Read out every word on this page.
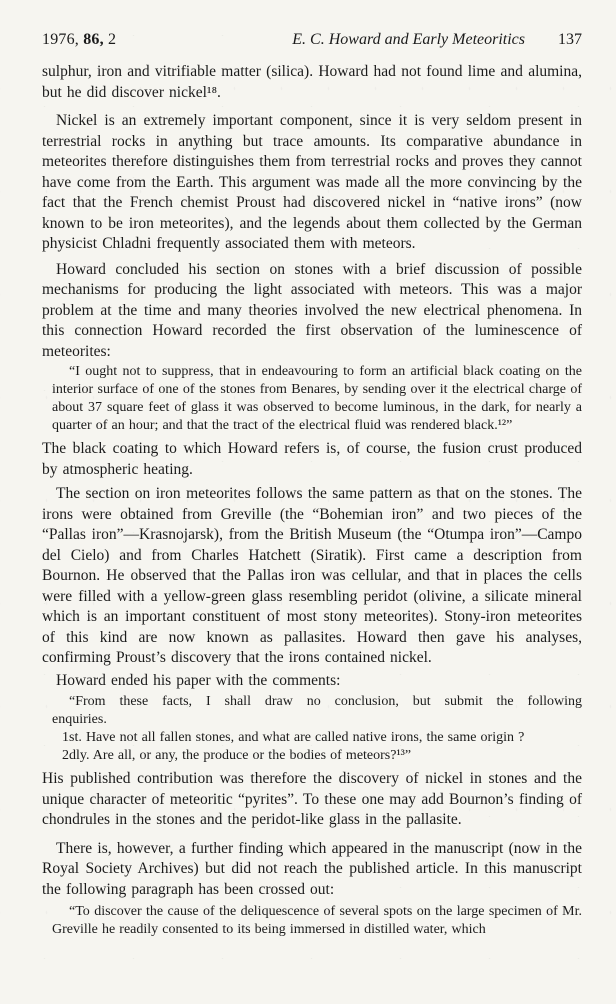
1976, 86, 2	E. C. Howard and Early Meteoritics 137

sulphur, iron and vitrifiable matter (silica). Howard had not found lime and alumina, but he did discover nickel¹⁸.

Nickel is an extremely important component, since it is very seldom present in terrestrial rocks in anything but trace amounts. Its comparative abundance in meteorites therefore distinguishes them from terrestrial rocks and proves they cannot have come from the Earth. This argument was made all the more convincing by the fact that the French chemist Proust had discovered nickel in “native irons” (now known to be iron meteorites), and the legends about them collected by the German physicist Chladni frequently associated them with meteors.

Howard concluded his section on stones with a brief discussion of possible mechanisms for producing the light associated with meteors. This was a major problem at the time and many theories involved the new electrical phenomena. In this connection Howard recorded the first observation of the luminescence of meteorites:

“I ought not to suppress, that in endeavouring to form an artificial black coating on the interior surface of one of the stones from Benares, by sending over it the electrical charge of about 37 square feet of glass it was observed to become luminous, in the dark, for nearly a quarter of an hour; and that the tract of the electrical fluid was rendered black.¹²”

The black coating to which Howard refers is, of course, the fusion crust produced by atmospheric heating.

The section on iron meteorites follows the same pattern as that on the stones. The irons were obtained from Greville (the “Bohemian iron” and two pieces of the “Pallas iron”—Krasnojarsk), from the British Museum (the “Otumpa iron”—Campo del Cielo) and from Charles Hatchett (Siratik). First came a description from Bournon. He observed that the Pallas iron was cellular, and that in places the cells were filled with a yellow-green glass resembling peridot (olivine, a silicate mineral which is an important constituent of most stony meteorites). Stony-iron meteorites of this kind are now known as pallasites. Howard then gave his analyses, confirming Proust’s discovery that the irons contained nickel.

Howard ended his paper with the comments:

“From these facts, I shall draw no conclusion, but submit the following

enquiries.

1st. Have not all fallen stones, and what are called native irons, the same origin ?

2dly. Are all, or any, the produce or the bodies of meteors?¹³”

His published contribution was therefore the discovery of nickel in stones and the unique character of meteoritic “pyrites”. To these one may add Bournon’s finding of chondrules in the stones and the peridot-like glass in the pallasite.

There is, however, a further finding which appeared in the manuscript (now in the Royal Society Archives) but did not reach the published article. In this manuscript the following paragraph has been crossed out:

“To discover the cause of the deliquescence of several spots on the large specimen of Mr. Greville he readily consented to its being immersed in distilled water, which
